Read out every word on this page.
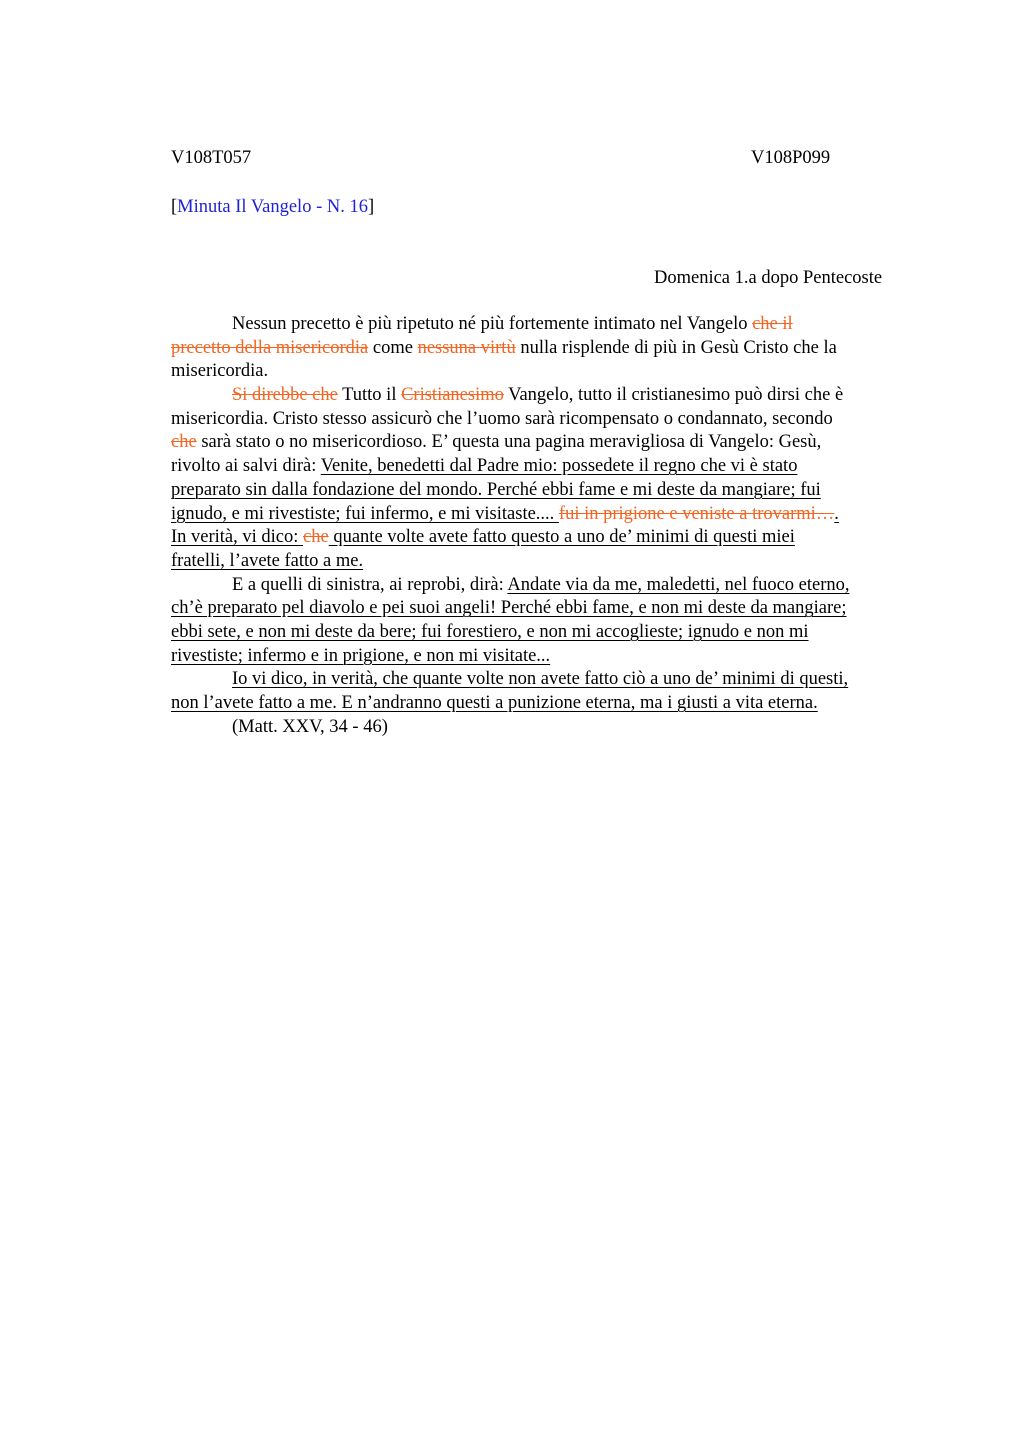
V108T057	V108P099
[Minuta Il Vangelo - N. 16]
Domenica 1.a dopo Pentecoste
Nessun precetto è più ripetuto né più fortemente intimato nel Vangelo che il
precetto della misericordia come nessuna virtù nulla risplende di più in Gesù Cristo che la
misericordia.
Si direbbe che Tutto il Cristianesimo Vangelo, tutto il cristianesimo può dirsi che è
misericordia. Cristo stesso assicurò che l’uomo sarà ricompensato o condannato, secondo
che sarà stato o no misericordioso. E’ questa una pagina meravigliosa di Vangelo: Gesù,
rivolto ai salvi dirà: Venite, benedetti dal Padre mio: possedete il regno che vi è stato
preparato sin dalla fondazione del mondo. Perché ebbi fame e mi deste da mangiare; fui
ignudo, e mi rivestiste; fui infermo, e mi visitaste.... fui in prigione e veniste a trovarmi….
In verità, vi dico: che quante volte avete fatto questo a uno de’ minimi di questi miei
fratelli, l’avete fatto a me.
E a quelli di sinistra, ai reprobi, dirà: Andate via da me, maledetti, nel fuoco eterno,
ch’è preparato pel diavolo e pei suoi angeli! Perché ebbi fame, e non mi deste da mangiare;
ebbi sete, e non mi deste da bere; fui forestiero, e non mi accoglieste; ignudo e non mi
rivestiste; infermo e in prigione, e non mi visitate...
Io vi dico, in verità, che quante volte non avete fatto ciò a uno de’ minimi di questi,
non l’avete fatto a me. E n’andranno questi a punizione eterna, ma i giusti a vita eterna.
(Matt. XXV, 34 - 46)
